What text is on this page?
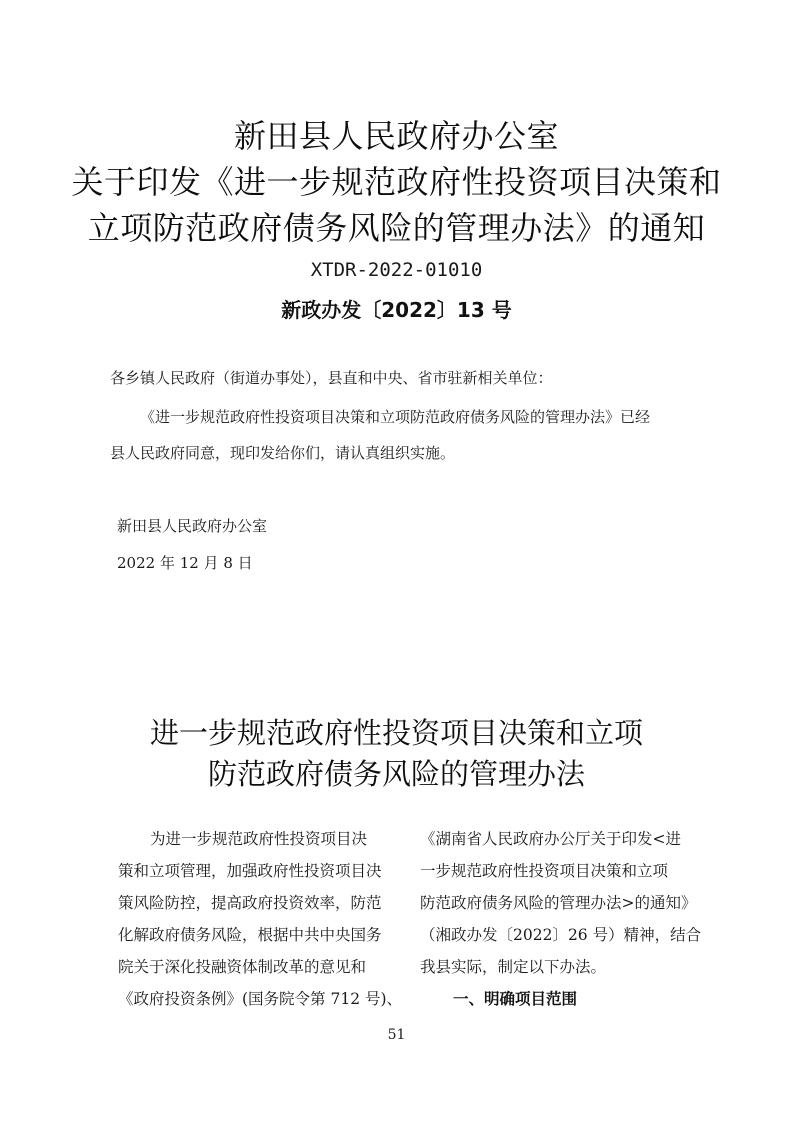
新田县人民政府办公室
关于印发《进一步规范政府性投资项目决策和
立项防范政府债务风险的管理办法》的通知
XTDR-2022-01010
新政办发〔2022〕13 号
各乡镇人民政府（街道办事处），县直和中央、省市驻新相关单位：
《进一步规范政府性投资项目决策和立项防范政府债务风险的管理办法》已经
县人民政府同意，现印发给你们，请认真组织实施。
新田县人民政府办公室
2022 年 12 月 8 日
进一步规范政府性投资项目决策和立项
防范政府债务风险的管理办法
为进一步规范政府性投资项目决
策和立项管理，加强政府性投资项目决
策风险防控，提高政府投资效率，防范
化解政府债务风险，根据中共中央国务
院关于深化投融资体制改革的意见和
《政府投资条例》(国务院令第 712 号)、
《湖南省人民政府办公厅关于印发<进
一步规范政府性投资项目决策和立项
防范政府债务风险的管理办法>的通知》
（湘政办发〔2022〕26 号）精神，结合
我县实际，制定以下办法。
一、明确项目范围
51
